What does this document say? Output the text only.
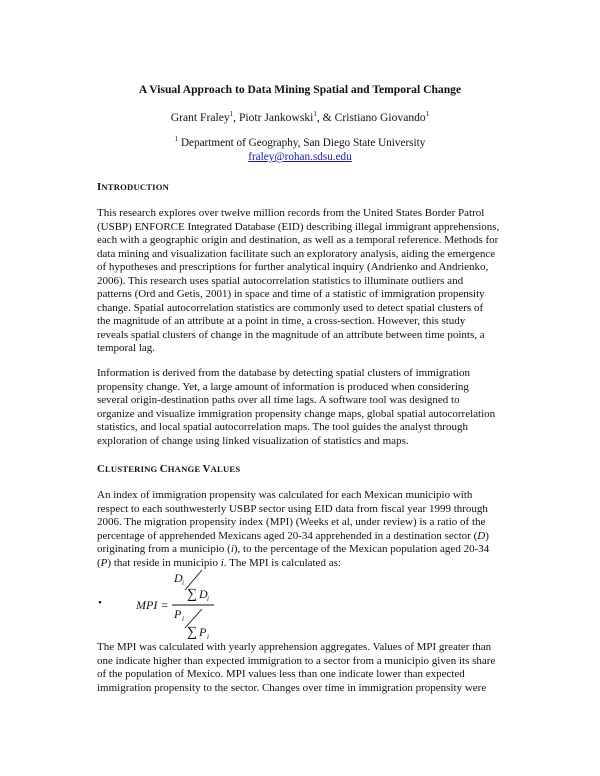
A Visual Approach to Data Mining Spatial and Temporal Change
Grant Fraley$^1$, Piotr Jankowski$^1$, & Cristiano Giovando$^1$
$^1$ Department of Geography, San Diego State University
fraley@rohan.sdsu.edu
INTRODUCTION
This research explores over twelve million records from the United States Border Patrol
(USBP) ENFORCE Integrated Database (EID) describing illegal immigrant apprehensions,
each with a geographic origin and destination, as well as a temporal reference. Methods for
data mining and visualization facilitate such an exploratory analysis, aiding the emergence
of hypotheses and prescriptions for further analytical inquiry (Andrienko and Andrienko,
2006). This research uses spatial autocorrelation statistics to illuminate outliers and
patterns (Ord and Getis, 2001) in space and time of a statistic of immigration propensity
change. Spatial autocorrelation statistics are commonly used to detect spatial clusters of
the magnitude of an attribute at a point in time, a cross-section. However, this study
reveals spatial clusters of change in the magnitude of an attribute between time points, a
temporal lag.
Information is derived from the database by detecting spatial clusters of immigration
propensity change. Yet, a large amount of information is produced when considering
several origin-destination paths over all time lags. A software tool was designed to
organize and visualize immigration propensity change maps, global spatial autocorrelation
statistics, and local spatial autocorrelation maps. The tool guides the analyst through
exploration of change using linked visualization of statistics and maps.
CLUSTERING CHANGE VALUES
An index of immigration propensity was calculated for each Mexican municipio with
respect to each southwesterly USBP sector using EID data from fiscal year 1999 through
2006. The migration propensity index (MPI) (Weeks et al, under review) is a ratio of the
percentage of apprehended Mexicans aged 20-34 apprehended in a destination sector (D)
originating from a municipio (i), to the percentage of the Mexican population aged 20-34
(P) that reside in municipio i. The MPI is calculated as:
•	MPI =
D i
∑ D i
P i
∑ P i
The MPI was calculated with yearly apprehension aggregates. Values of MPI greater than
one indicate higher than expected immigration to a sector from a municipio given its share
of the population of Mexico. MPI values less than one indicate lower than expected
immigration propensity to the sector. Changes over time in immigration propensity were
